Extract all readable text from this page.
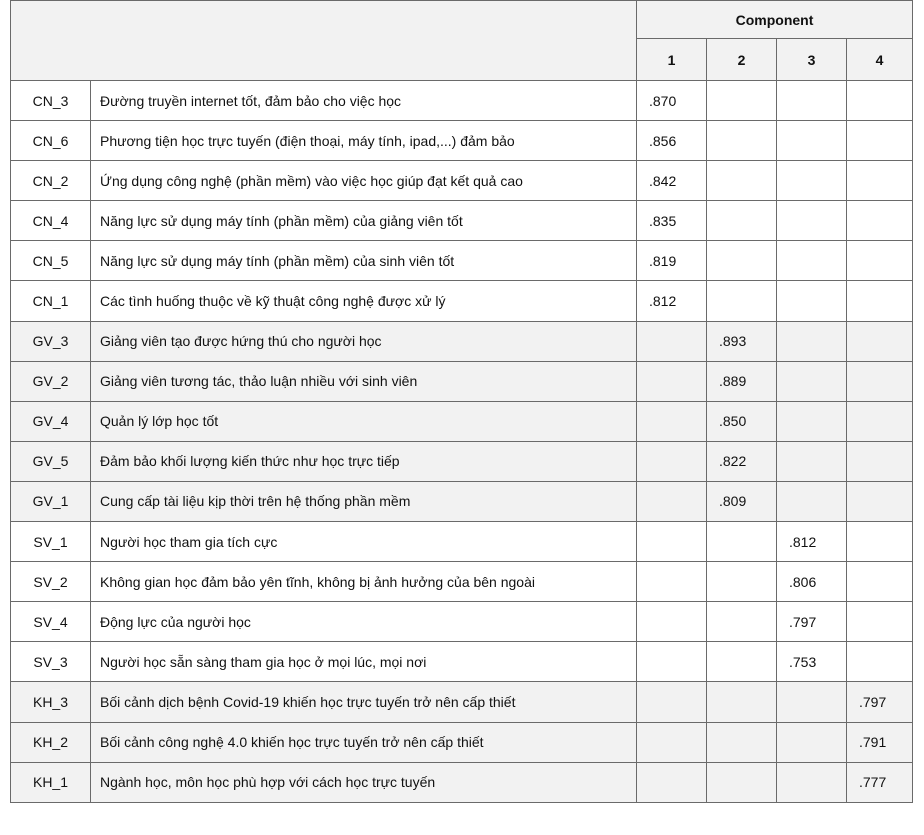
		Component			
		1	2	3	4
CN_3	Đường truyền internet tốt, đảm bảo cho việc học	.870			
CN_6	Phương tiện học trực tuyến (điện thoại, máy tính, ipad,...) đảm bảo	.856			
CN_2	Ứng dụng công nghệ (phần mềm) vào việc học giúp đạt kết quả cao	.842			
CN_4	Năng lực sử dụng máy tính (phần mềm) của giảng viên tốt	.835			
CN_5	Năng lực sử dụng máy tính (phần mềm) của sinh viên tốt	.819			
CN_1	Các tình huống thuộc về kỹ thuật công nghệ được xử lý	.812			
GV_3	Giảng viên tạo được hứng thú cho người học		.893		
GV_2	Giảng viên tương tác, thảo luận nhiều với sinh viên		.889		
GV_4	Quản lý lớp học tốt		.850		
GV_5	Đảm bảo khối lượng kiến thức như học trực tiếp		.822		
GV_1	Cung cấp tài liệu kịp thời trên hệ thống phần mềm		.809		
SV_1	Người học tham gia tích cực			.812	
SV_2	Không gian học đảm bảo yên tĩnh, không bị ảnh hưởng của bên ngoài			.806	
SV_4	Động lực của người học			.797	
SV_3	Người học sẵn sàng tham gia học ở mọi lúc, mọi nơi			.753	
KH_3	Bối cảnh dịch bệnh Covid-19 khiến học trực tuyến trở nên cấp thiết				.797
KH_2	Bối cảnh công nghệ 4.0 khiến học trực tuyến trở nên cấp thiết				.791
KH_1	Ngành học, môn học phù hợp với cách học trực tuyến				.777
